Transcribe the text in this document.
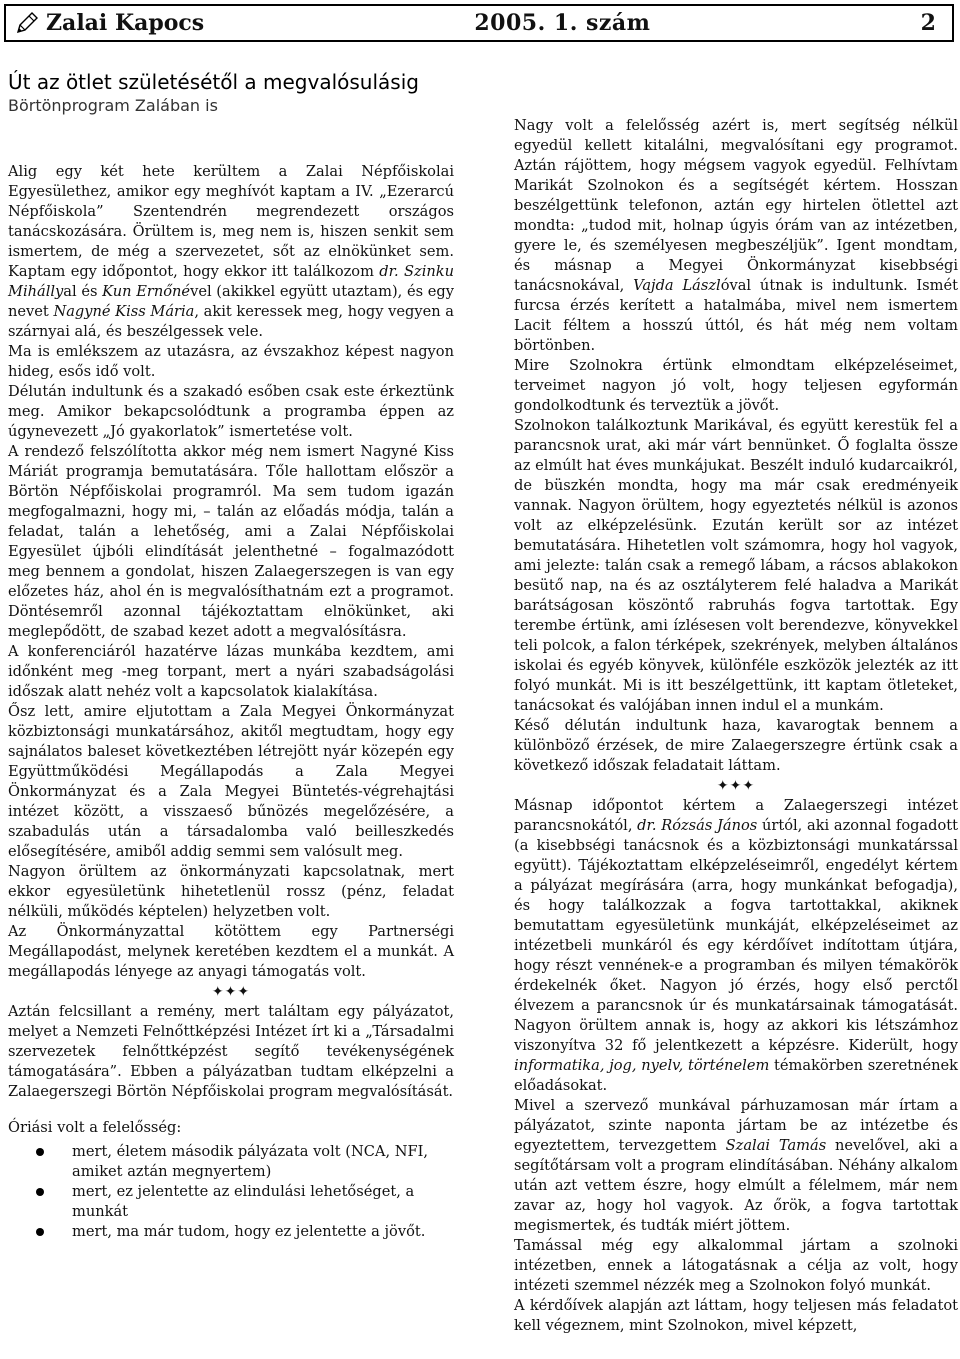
Zalai Kapocs	2005. 1. szám	2
Út az ötlet születésétől a megvalósulásig
Börtönprogram Zalában is

Alig egy két hete kerültem a Zalai Népfőiskolai Egyesülethez, amikor egy meghívót kaptam a IV. „Ezerarcú Népfőiskola” Szentendrén megrendezett országos tanácskozására. Örültem is, meg nem is, hiszen senkit sem ismertem, de még a szervezetet, sőt az elnökünket sem. Kaptam egy időpontot, hogy ekkor itt találkozom dr. Szinku Mihállyal és Kun Ernőnével (akikkel együtt utaztam), és egy nevet Nagyné Kiss Mária, akit keressek meg, hogy vegyen a szárnyai alá, és beszélgessek vele.

Ma is emlékszem az utazásra, az évszakhoz képest nagyon hideg, esős idő volt.

Délután indultunk és a szakadó esőben csak este érkeztünk meg. Amikor bekapcsolódtunk a programba éppen az úgynevezett „Jó gyakorlatok” ismertetése volt.

A rendező felszólította akkor még nem ismert Nagyné Kiss Máriát programja bemutatására. Tőle hallottam először a Börtön Népfőiskolai programról. Ma sem tudom igazán megfogalmazni, hogy mi, – talán az előadás módja, talán a feladat, talán a lehetőség, ami a Zalai Népfőiskolai Egyesület újbóli elindítását jelenthetné – fogalmazódott meg bennem a gondolat, hiszen Zalaegerszegen is van egy előzetes ház, ahol én is megvalósíthatnám ezt a programot. Döntésemről azonnal tájékoztattam elnökünket, aki meglepődött, de szabad kezet adott a megvalósításra.

A konferenciáról hazatérve lázas munkába kezdtem, ami időnként meg -meg torpant, mert a nyári szabadságolási időszak alatt nehéz volt a kapcsolatok kialakítása.

Ősz lett, amire eljutottam a Zala Megyei Önkormányzat közbiztonsági munkatársához, akitől megtudtam, hogy egy sajnálatos baleset következtében létrejött nyár közepén egy Együttműködési Megállapodás a Zala Megyei Önkormányzat és a Zala Megyei Büntetés-végrehajtási intézet között, a visszaeső bűnözés megelőzésére, a szabadulás után a társadalomba való beilleszkedés elősegítésére, amiből addig semmi sem valósult meg.

Nagyon örültem az önkormányzati kapcsolatnak, mert ekkor egyesületünk hihetetlenül rossz (pénz, feladat nélküli, működés képtelen) helyzetben volt.

Az Önkormányzattal kötöttem egy Partnerségi Megállapodást, melynek keretében kezdtem el a munkát. A megállapodás lényege az anyagi támogatás volt.

✦✦✦

Aztán felcsillant a remény, mert találtam egy pályázatot, melyet a Nemzeti Felnőttképzési Intézet írt ki a „Társadalmi szervezetek felnőttképzést segítő tevékenységének támogatására”. Ebben a pályázatban tudtam elképzelni a Zalaegerszegi Börtön Népfőiskolai program megvalósítását.

Óriási volt a felelősség:

mert, életem második pályázata volt (NCA, NFI, amiket aztán megnyertem)
mert, ez jelentette az elindulási lehetőséget, a munkát
mert, ma már tudom, hogy ez jelentette a jövőt.

Nagy volt a felelősség azért is, mert segítség nélkül egyedül kellett kitalálni, megvalósítani egy programot. Aztán rájöttem, hogy mégsem vagyok egyedül. Felhívtam Marikát Szolnokon és a segítségét kértem. Hosszan beszélgettünk telefonon, aztán egy hirtelen ötlettel azt mondta: „tudod mit, holnap úgyis órám van az intézetben, gyere le, és személyesen megbeszéljük”. Igent mondtam, és másnap a Megyei Önkormányzat kisebbségi tanácsnokával, Vajda Lászlóval útnak is indultunk. Ismét furcsa érzés kerített a hatalmába, mivel nem ismertem Lacit féltem a hosszú úttól, és hát még nem voltam börtönben.

Mire Szolnokra értünk elmondtam elképzeléseimet, terveimet nagyon jó volt, hogy teljesen egyformán gondolkodtunk és terveztük a jövőt.

Szolnokon találkoztunk Marikával, és együtt kerestük fel a parancsnok urat, aki már várt bennünket. Ő foglalta össze az elmúlt hat éves munkájukat. Beszélt induló kudarcaikról, de büszkén mondta, hogy ma már csak eredményeik vannak. Nagyon örültem, hogy egyeztetés nélkül is azonos volt az elképzelésünk. Ezután került sor az intézet bemutatására. Hihetetlen volt számomra, hogy hol vagyok, ami jelezte: talán csak a remegő lábam, a rácsos ablakokon besütő nap, na és az osztályterem felé haladva a Marikát barátságosan köszöntő rabruhás fogva tartottak. Egy terembe értünk, ami ízlésesen volt berendezve, könyvekkel teli polcok, a falon térképek, szekrények, melyben általános iskolai és egyéb könyvek, különféle eszközök jelezték az itt folyó munkát. Mi is itt beszélgettünk, itt kaptam ötleteket, tanácsokat és valójában innen indul el a munkám.

Késő délután indultunk haza, kavarogtak bennem a különböző érzések, de mire Zalaegerszegre értünk csak a következő időszak feladatait láttam.

✦✦✦

Másnap időpontot kértem a Zalaegerszegi intézet parancsnokától, dr. Rózsás János úrtól, aki azonnal fogadott (a kisebbségi tanácsnok és a közbiztonsági munkatárssal együtt). Tájékoztattam elképzeléseimről, engedélyt kértem a pályázat megírására (arra, hogy munkánkat befogadja), és hogy találkozzak a fogva tartottakkal, akiknek bemutattam egyesületünk munkáját, elképzeléseimet az intézetbeli munkáról és egy kérdőívet indítottam útjára, hogy részt vennének-e a programban és milyen témakörök érdekelnék őket. Nagyon jó érzés, hogy első perctől élvezem a parancsnok úr és munkatársainak támogatását. Nagyon örültem annak is, hogy az akkori kis létszámhoz viszonyítva 32 fő jelentkezett a képzésre. Kiderült, hogy informatika, jog, nyelv, történelem témakörben szeretnének előadásokat.

Mivel a szervező munkával párhuzamosan már írtam a pályázatot, szinte naponta jártam be az intézetbe és egyeztettem, tervezgettem Szalai Tamás nevelővel, aki a segítőtársam volt a program elindításában. Néhány alkalom után azt vettem észre, hogy elmúlt a félelmem, már nem zavar az, hogy hol vagyok. Az őrök, a fogva tartottak megismertek, és tudták miért jöttem.

Tamással még egy alkalommal jártam a szolnoki intézetben, ennek a látogatásnak a célja az volt, hogy intézeti szemmel nézzék meg a Szolnokon folyó munkát.

A kérdőívek alapján azt láttam, hogy teljesen más feladatot kell végeznem, mint Szolnokon, mivel képzett,
